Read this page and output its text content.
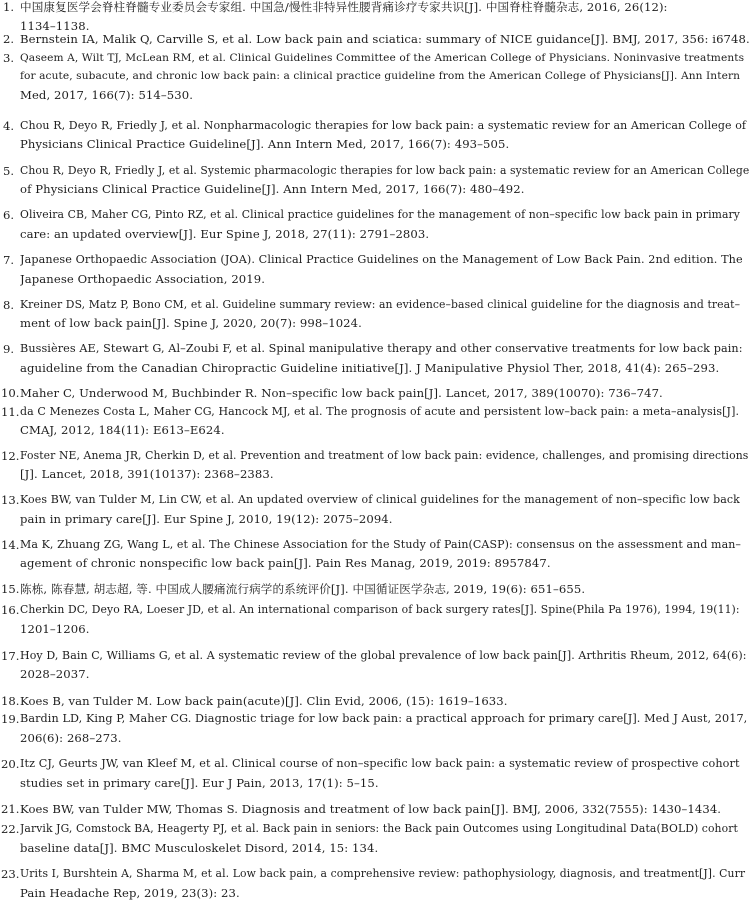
1. 中国康复医学会脊柱脊髓专业委员会专家组. 中国急/慢性非特异性腰背痛诊疗专家共识[J]. 中国脊柱脊髓杂志, 2016, 26(12):
1134–1138.
2. Bernstein IA, Malik Q, Carville S, et al. Low back pain and sciatica: summary of NICE guidance[J]. BMJ, 2017, 356: i6748.
3. Qaseem A, Wilt TJ, McLean RM, et al. Clinical Guidelines Committee of the American College of Physicians. Noninvasive treatments
for acute, subacute, and chronic low back pain: a clinical practice guideline from the American College of Physicians[J]. Ann Intern
Med, 2017, 166(7): 514–530.
4. Chou R, Deyo R, Friedly J, et al. Nonpharmacologic therapies for low back pain: a systematic review for an American College of
Physicians Clinical Practice Guideline[J]. Ann Intern Med, 2017, 166(7): 493–505.
5. Chou R, Deyo R, Friedly J, et al. Systemic pharmacologic therapies for low back pain: a systematic review for an American College
of Physicians Clinical Practice Guideline[J]. Ann Intern Med, 2017, 166(7): 480–492.
6. Oliveira CB, Maher CG, Pinto RZ, et al. Clinical practice guidelines for the management of non–specific low back pain in primary
care: an updated overview[J]. Eur Spine J, 2018, 27(11): 2791–2803.
7. Japanese Orthopaedic Association (JOA). Clinical Practice Guidelines on the Management of Low Back Pain. 2nd edition. The
Japanese Orthopaedic Association, 2019.
8. Kreiner DS, Matz P, Bono CM, et al. Guideline summary review: an evidence–based clinical guideline for the diagnosis and treat–
ment of low back pain[J]. Spine J, 2020, 20(7): 998–1024.
9. Bussières AE, Stewart G, Al–Zoubi F, et al. Spinal manipulative therapy and other conservative treatments for low back pain:
aguideline from the Canadian Chiropractic Guideline initiative[J]. J Manipulative Physiol Ther, 2018, 41(4): 265–293.
10. Maher C, Underwood M, Buchbinder R. Non–specific low back pain[J]. Lancet, 2017, 389(10070): 736–747.
11. da C Menezes Costa L, Maher CG, Hancock MJ, et al. The prognosis of acute and persistent low–back pain: a meta–analysis[J].
CMAJ, 2012, 184(11): E613–E624.
12. Foster NE, Anema JR, Cherkin D, et al. Prevention and treatment of low back pain: evidence, challenges, and promising directions
[J]. Lancet, 2018, 391(10137): 2368–2383.
13. Koes BW, van Tulder M, Lin CW, et al. An updated overview of clinical guidelines for the management of non–specific low back
pain in primary care[J]. Eur Spine J, 2010, 19(12): 2075–2094.
14. Ma K, Zhuang ZG, Wang L, et al. The Chinese Association for the Study of Pain(CASP): consensus on the assessment and man–
agement of chronic nonspecific low back pain[J]. Pain Res Manag, 2019, 2019: 8957847.
15. 陈栋, 陈春慧, 胡志超, 等. 中国成人腰痛流行病学的系统评价[J]. 中国循证医学杂志, 2019, 19(6): 651–655.
16. Cherkin DC, Deyo RA, Loeser JD, et al. An international comparison of back surgery rates[J]. Spine(Phila Pa 1976), 1994, 19(11):
1201–1206.
17. Hoy D, Bain C, Williams G, et al. A systematic review of the global prevalence of low back pain[J]. Arthritis Rheum, 2012, 64(6):
2028–2037.
18. Koes B, van Tulder M. Low back pain(acute)[J]. Clin Evid, 2006, (15): 1619–1633.
19. Bardin LD, King P, Maher CG. Diagnostic triage for low back pain: a practical approach for primary care[J]. Med J Aust, 2017,
206(6): 268–273.
20. Itz CJ, Geurts JW, van Kleef M, et al. Clinical course of non–specific low back pain: a systematic review of prospective cohort
studies set in primary care[J]. Eur J Pain, 2013, 17(1): 5–15.
21. Koes BW, van Tulder MW, Thomas S. Diagnosis and treatment of low back pain[J]. BMJ, 2006, 332(7555): 1430–1434.
22. Jarvik JG, Comstock BA, Heagerty PJ, et al. Back pain in seniors: the Back pain Outcomes using Longitudinal Data(BOLD) cohort
baseline data[J]. BMC Musculoskelet Disord, 2014, 15: 134.
23. Urits I, Burshtein A, Sharma M, et al. Low back pain, a comprehensive review: pathophysiology, diagnosis, and treatment[J]. Curr
Pain Headache Rep, 2019, 23(3): 23.
